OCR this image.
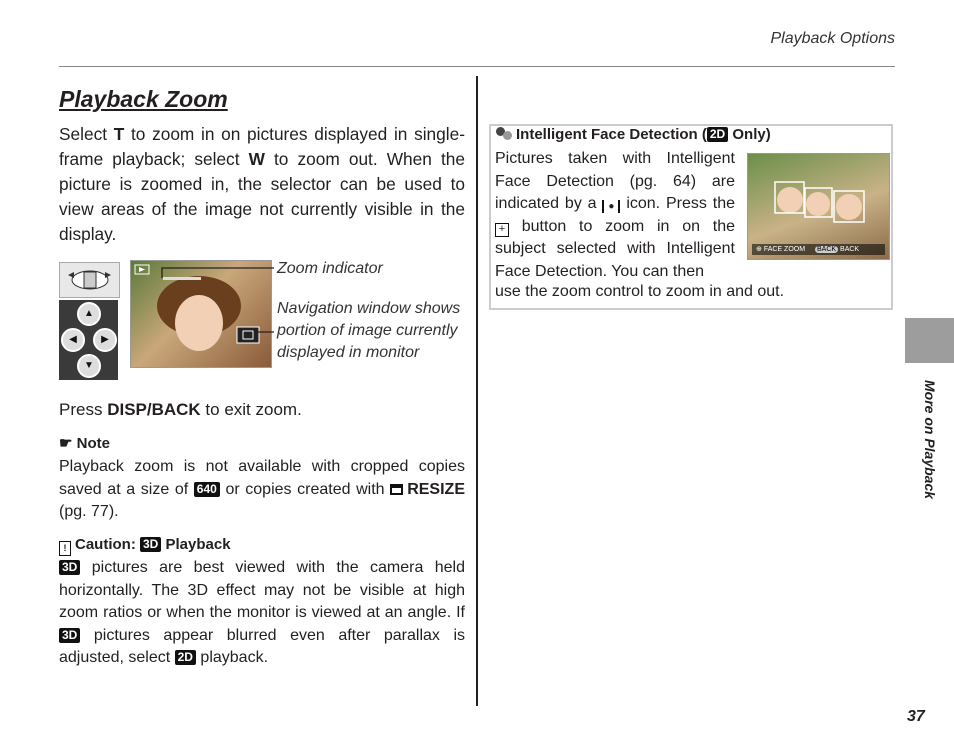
Playback Options
Playback Zoom
Select T to zoom in on pictures displayed in single-frame playback; select W to zoom out. When the picture is zoomed in, the selector can be used to view areas of the image not currently visible in the display.
▲
◀	▶
▼
Zoom indicator
Navigation window shows portion of image currently displayed in monitor
Press DISP/BACK to exit zoom.
☛ Note
Playback zoom is not available with cropped copies saved at a size of 640 or copies created with RESIZE (pg. 77).
! Caution: 3D Playback
3D pictures are best viewed with the camera held horizontally. The 3D effect may not be visible at high zoom ratios or when the monitor is viewed at an angle. If 3D pictures appear blurred even after parallax is adjusted, select 2D playback.
Intelligent Face Detection ( 2D Only)
Pictures taken with Intelligent Face Detection (pg. 64) are indicated by a ● icon. Press the + button to zoom in on the subject selected with Intelligent Face Detection. You can then
use the zoom control to zoom in and out.
⊕ FACE ZOOM BACK BACK
More on Playback
37
